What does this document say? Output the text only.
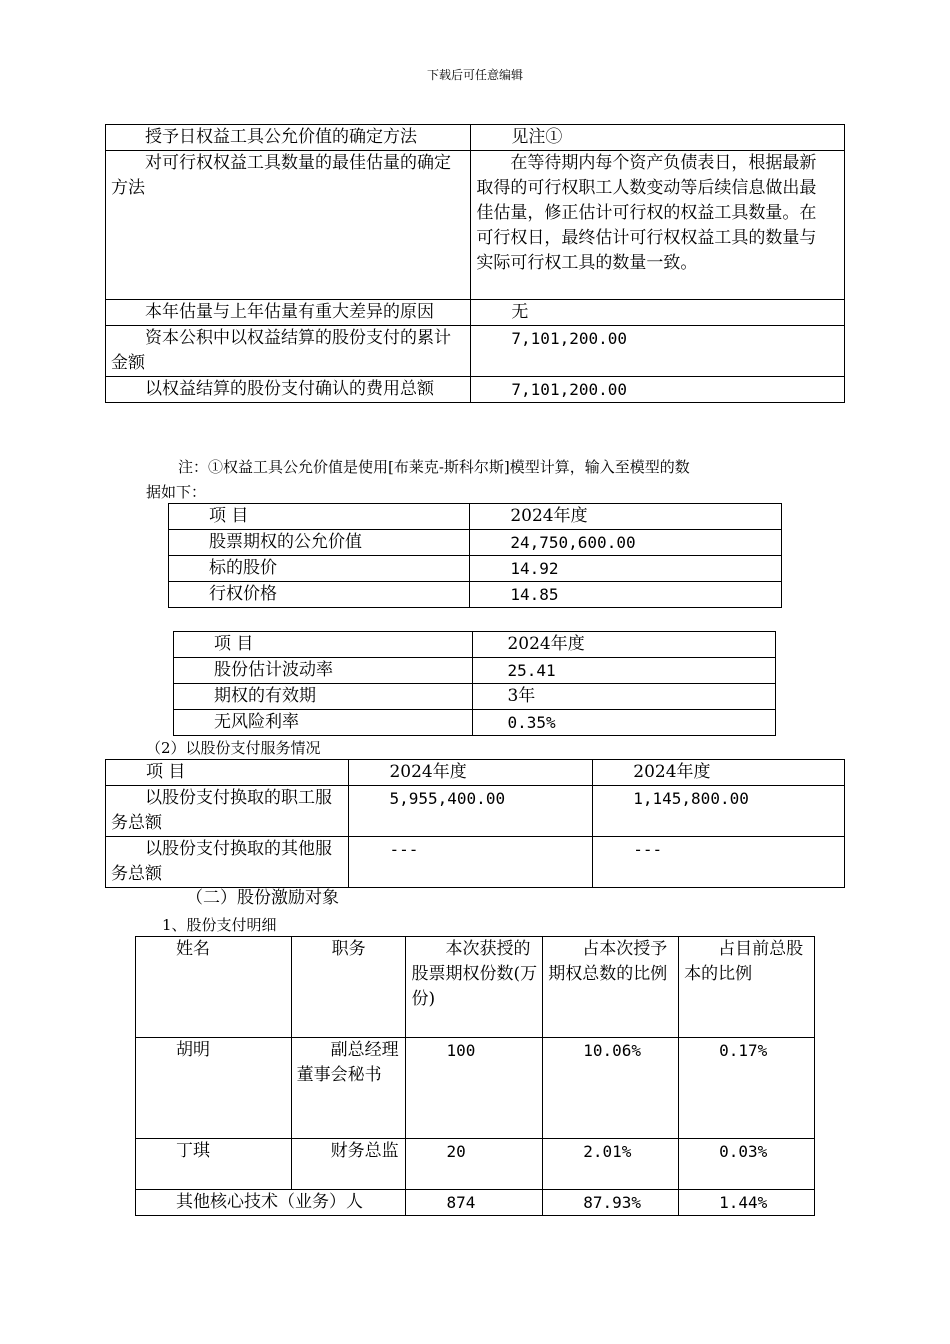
下载后可任意编辑
授予日权益工具公允价值的确定方法	见注①
对可行权权益工具数量的最佳估量的确定方法	在等待期内每个资产负债表日，根据最新取得的可行权职工人数变动等后续信息做出最佳估量，修正估计可行权的权益工具数量。在可行权日，最终估计可行权权益工具的数量与实际可行权工具的数量一致。
本年估量与上年估量有重大差异的原因	无
资本公积中以权益结算的股份支付的累计金额	7,101,200.00
以权益结算的股份支付确认的费用总额	7,101,200.00
注：①权益工具公允价值是使用[布莱克-斯科尔斯]模型计算，输入至模型的数
据如下：
项 目	2024年度
股票期权的公允价值	24,750,600.00
标的股价	14.92
行权价格	14.85
项 目	2024年度
股份估计波动率	25.41
期权的有效期	3年
无风险利率	0.35%
（2）以股份支付服务情况
项 目	2024年度	2024年度
以股份支付换取的职工服务总额	5,955,400.00	1,145,800.00
以股份支付换取的其他服务总额	---	---
（二）股份激励对象
1、股份支付明细
姓名	职务	本次获授的股票期权份数(万份)	占本次授予期权总数的比例	占目前总股本的比例
胡明	副总经理 董事会秘书	100	10.06%	0.17%
丁琪	财务总监	20	2.01%	0.03%
其他核心技术（业务）人		874	87.93%	1.44%
